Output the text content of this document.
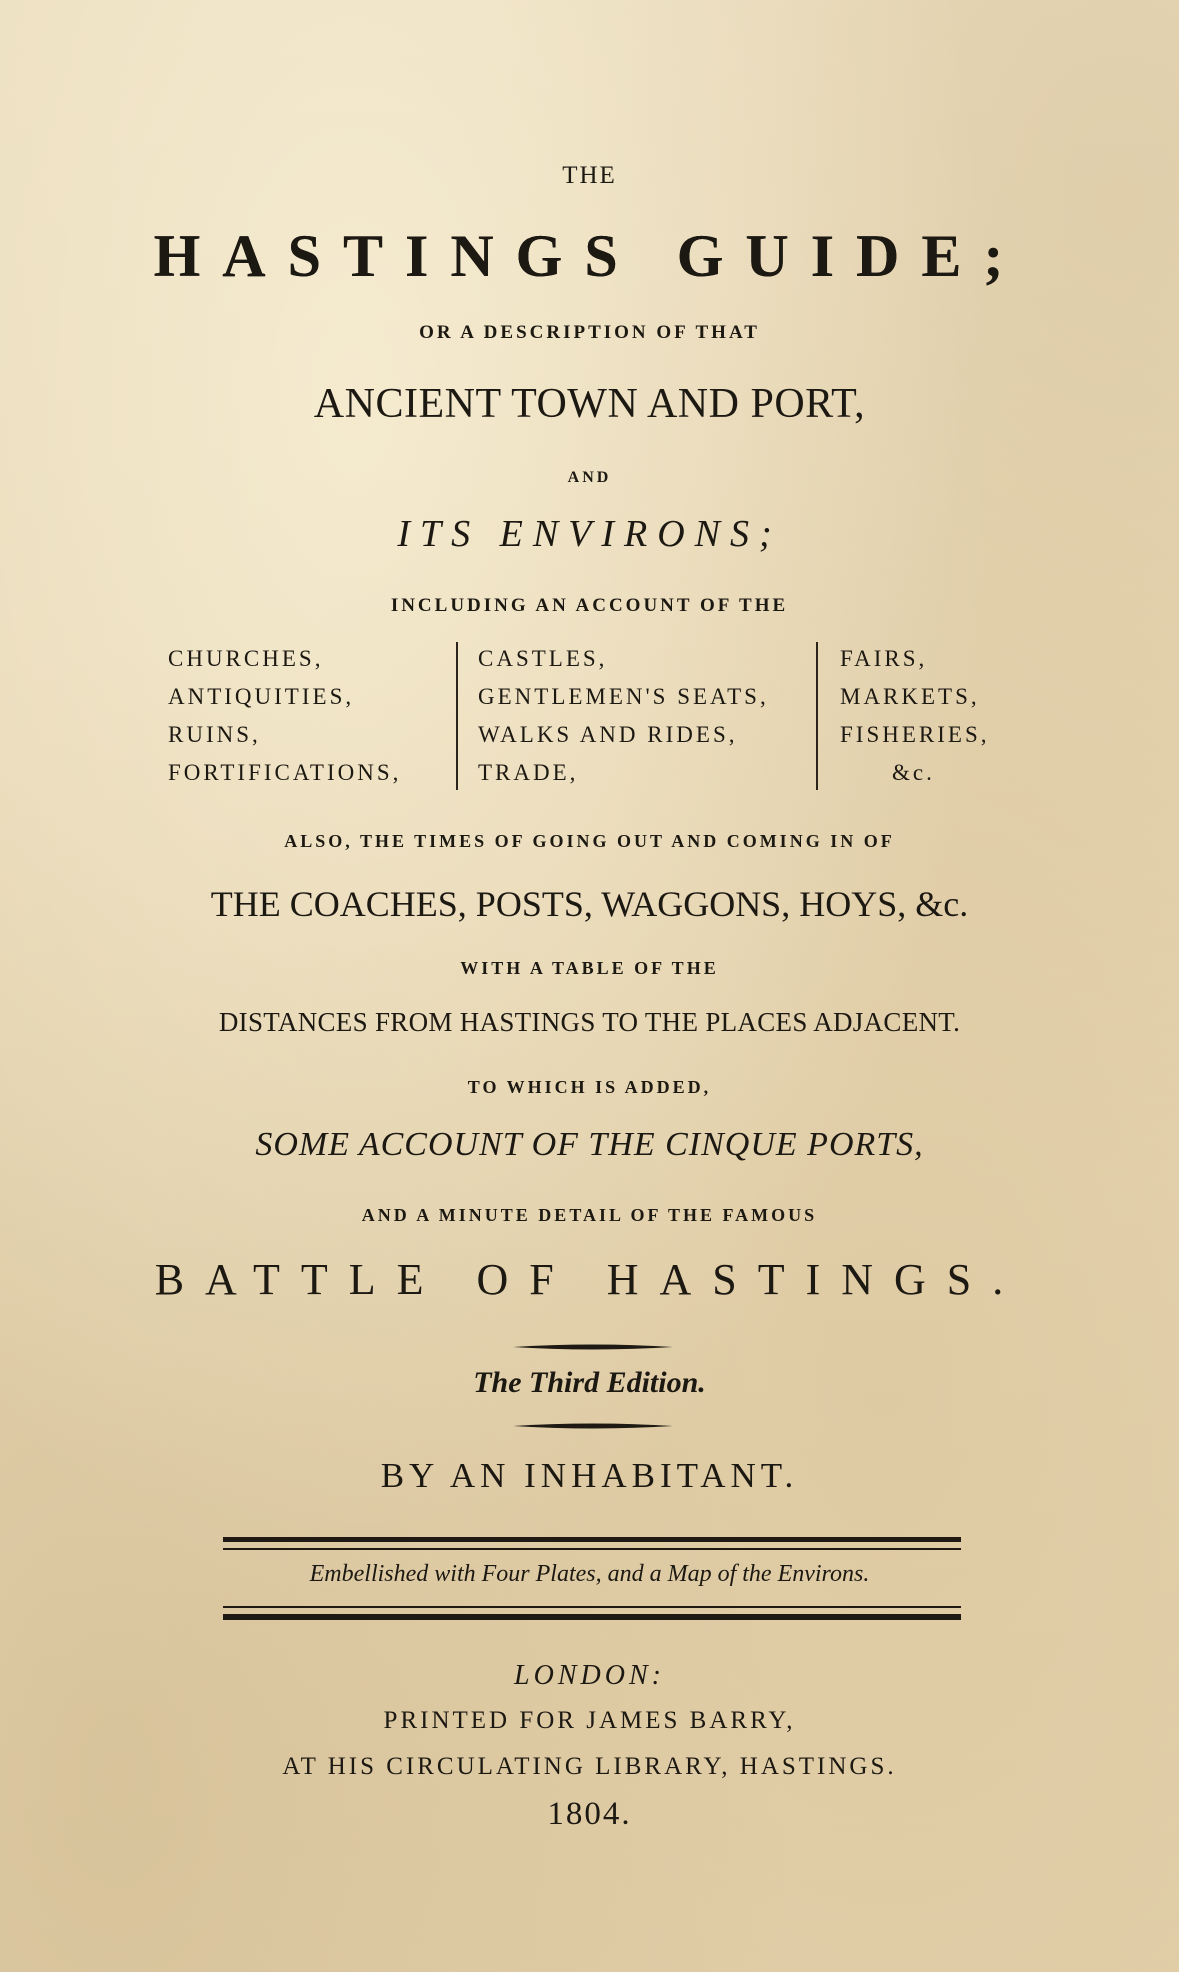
THE
HASTINGS GUIDE;
OR A DESCRIPTION OF THAT
ANCIENT TOWN AND PORT,
AND
ITS ENVIRONS;
INCLUDING AN ACCOUNT OF THE
CHURCHES,
ANTIQUITIES,
RUINS,
FORTIFICATIONS,
CASTLES,
GENTLEMEN'S SEATS,
WALKS AND RIDES,
TRADE,
FAIRS,
MARKETS,
FISHERIES,
&c.
ALSO, THE TIMES OF GOING OUT AND COMING IN OF
THE COACHES, POSTS, WAGGONS, HOYS, &c.
WITH A TABLE OF THE
DISTANCES FROM HASTINGS TO THE PLACES ADJACENT.
TO WHICH IS ADDED,
SOME ACCOUNT OF THE CINQUE PORTS,
AND A MINUTE DETAIL OF THE FAMOUS
BATTLE OF HASTINGS.
The Third Edition.
BY AN INHABITANT.
Embellished with Four Plates, and a Map of the Environs.
LONDON:
PRINTED FOR JAMES BARRY,
AT HIS CIRCULATING LIBRARY, HASTINGS.
1804.
